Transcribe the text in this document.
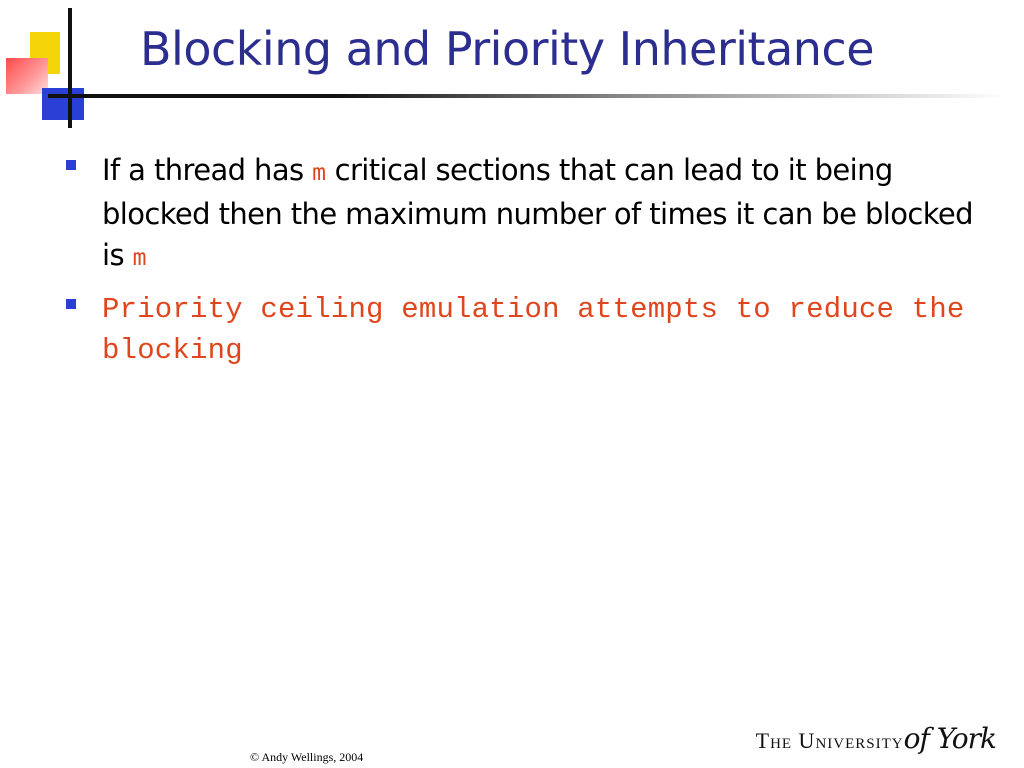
Blocking and Priority Inheritance
If a thread has m critical sections that can lead to it being blocked then the maximum number of times it can be blocked is m
Priority ceiling emulation attempts to reduce the blocking
© Andy Wellings, 2004
The Universityof York
